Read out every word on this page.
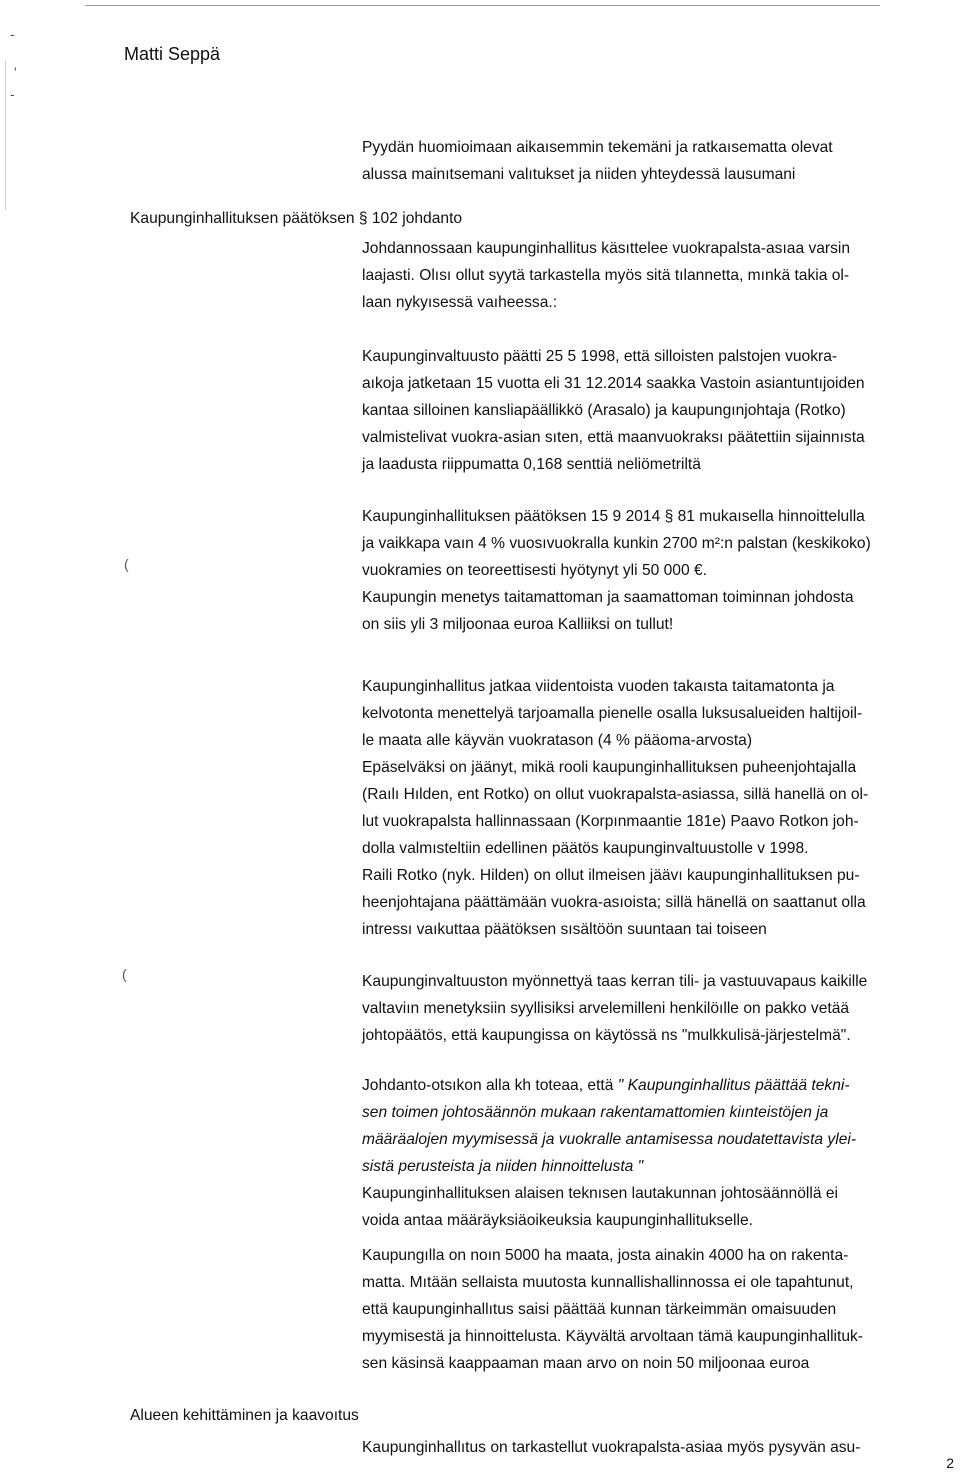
-
'
-
(
(
Matti Seppä
Pyydän huomioimaan aikaısemmin tekemäni ja ratkaısematta olevat
alussa mainıtsemani valıtukset ja niiden yhteydessä lausumani
Kaupunginhallituksen päätöksen § 102 johdanto
Johdannossaan kaupunginhallitus käsıttelee vuokrapalsta-asıaa varsin
laajasti. Olısı ollut syytä tarkastella myös sitä tılannetta, mınkä takia ol-
laan nykyısessä vaıheessa.:
Kaupunginvaltuusto päätti 25 5 1998, että silloisten palstojen vuokra-
aıkoja jatketaan 15 vuotta eli 31 12.2014 saakka Vastoin asiantuntıjoiden
kantaa silloinen kansliapäällikkö (Arasalo) ja kaupungınjohtaja (Rotko)
valmistelivat vuokra-asian sıten, että maanvuokraksı päätettiin sijainnısta
ja laadusta riippumatta 0,168 senttiä neliömetriltä
Kaupunginhallituksen päätöksen 15 9 2014 § 81 mukaısella hinnoittelulla
ja vaikkapa vaın 4 % vuosıvuokralla kunkin 2700 m²:n palstan (keskikoko)
vuokramies on teoreettisesti hyötynyt yli 50 000 €.
Kaupungin menetys taitamattoman ja saamattoman toiminnan johdosta
on siis yli 3 miljoonaa euroa Kalliiksi on tullut!
Kaupunginhallitus jatkaa viidentoista vuoden takaısta taitamatonta ja
kelvotonta menettelyä tarjoamalla pienelle osalla luksusalueiden haltijoil-
le maata alle käyvän vuokratason (4 % pääoma-arvosta)
Epäselväksi on jäänyt, mikä rooli kaupunginhallituksen puheenjohtajalla
(Raılı Hılden, ent Rotko) on ollut vuokrapalsta-asiassa, sillä hanellä on ol-
lut vuokrapalsta hallinnassaan (Korpınmaantie 181e) Paavo Rotkon joh-
dolla valmısteltiin edellinen päätös kaupunginvaltuustolle v 1998.
Raili Rotko (nyk. Hilden) on ollut ilmeisen jäävı kaupunginhallituksen pu-
heenjohtajana päättämään vuokra-asıoista; sillä hänellä on saattanut olla
intressı vaıkuttaa päätöksen sısältöön suuntaan tai toiseen
Kaupunginvaltuuston myönnettyä taas kerran tili- ja vastuuvapaus kaikille
valtaviın menetyksiin syyllisiksi arvelemilleni henkilöılle on pakko vetää
johtopäätös, että kaupungissa on käytössä ns "mulkkulisä-järjestelmä".
Johdanto-otsıkon alla kh toteaa, että " Kaupunginhallitus päättää tekni-
sen toimen johtosäännön mukaan rakentamattomien kiınteistöjen ja
määräalojen myymisessä ja vuokralle antamisessa noudatettavista ylei-
sistä perusteista ja niiden hinnoittelusta "
Kaupunginhallituksen alaisen teknısen lautakunnan johtosäännöllä ei
voida antaa määräyksiäoikeuksia kaupunginhallitukselle.
Kaupungılla on noın 5000 ha maata, josta ainakin 4000 ha on rakenta-
matta. Mıtään sellaista muutosta kunnallishallinnossa ei ole tapahtunut,
että kaupunginhallıtus saisi päättää kunnan tärkeimmän omaisuuden
myymisestä ja hinnoittelusta. Käyvältä arvoltaan tämä kaupunginhallituk-
sen käsinsä kaappaaman maan arvo on noin 50 miljoonaa euroa
Alueen kehittäminen ja kaavoıtus
Kaupunginhallıtus on tarkastellut vuokrapalsta-asiaa myös pysyvän asu-
2
